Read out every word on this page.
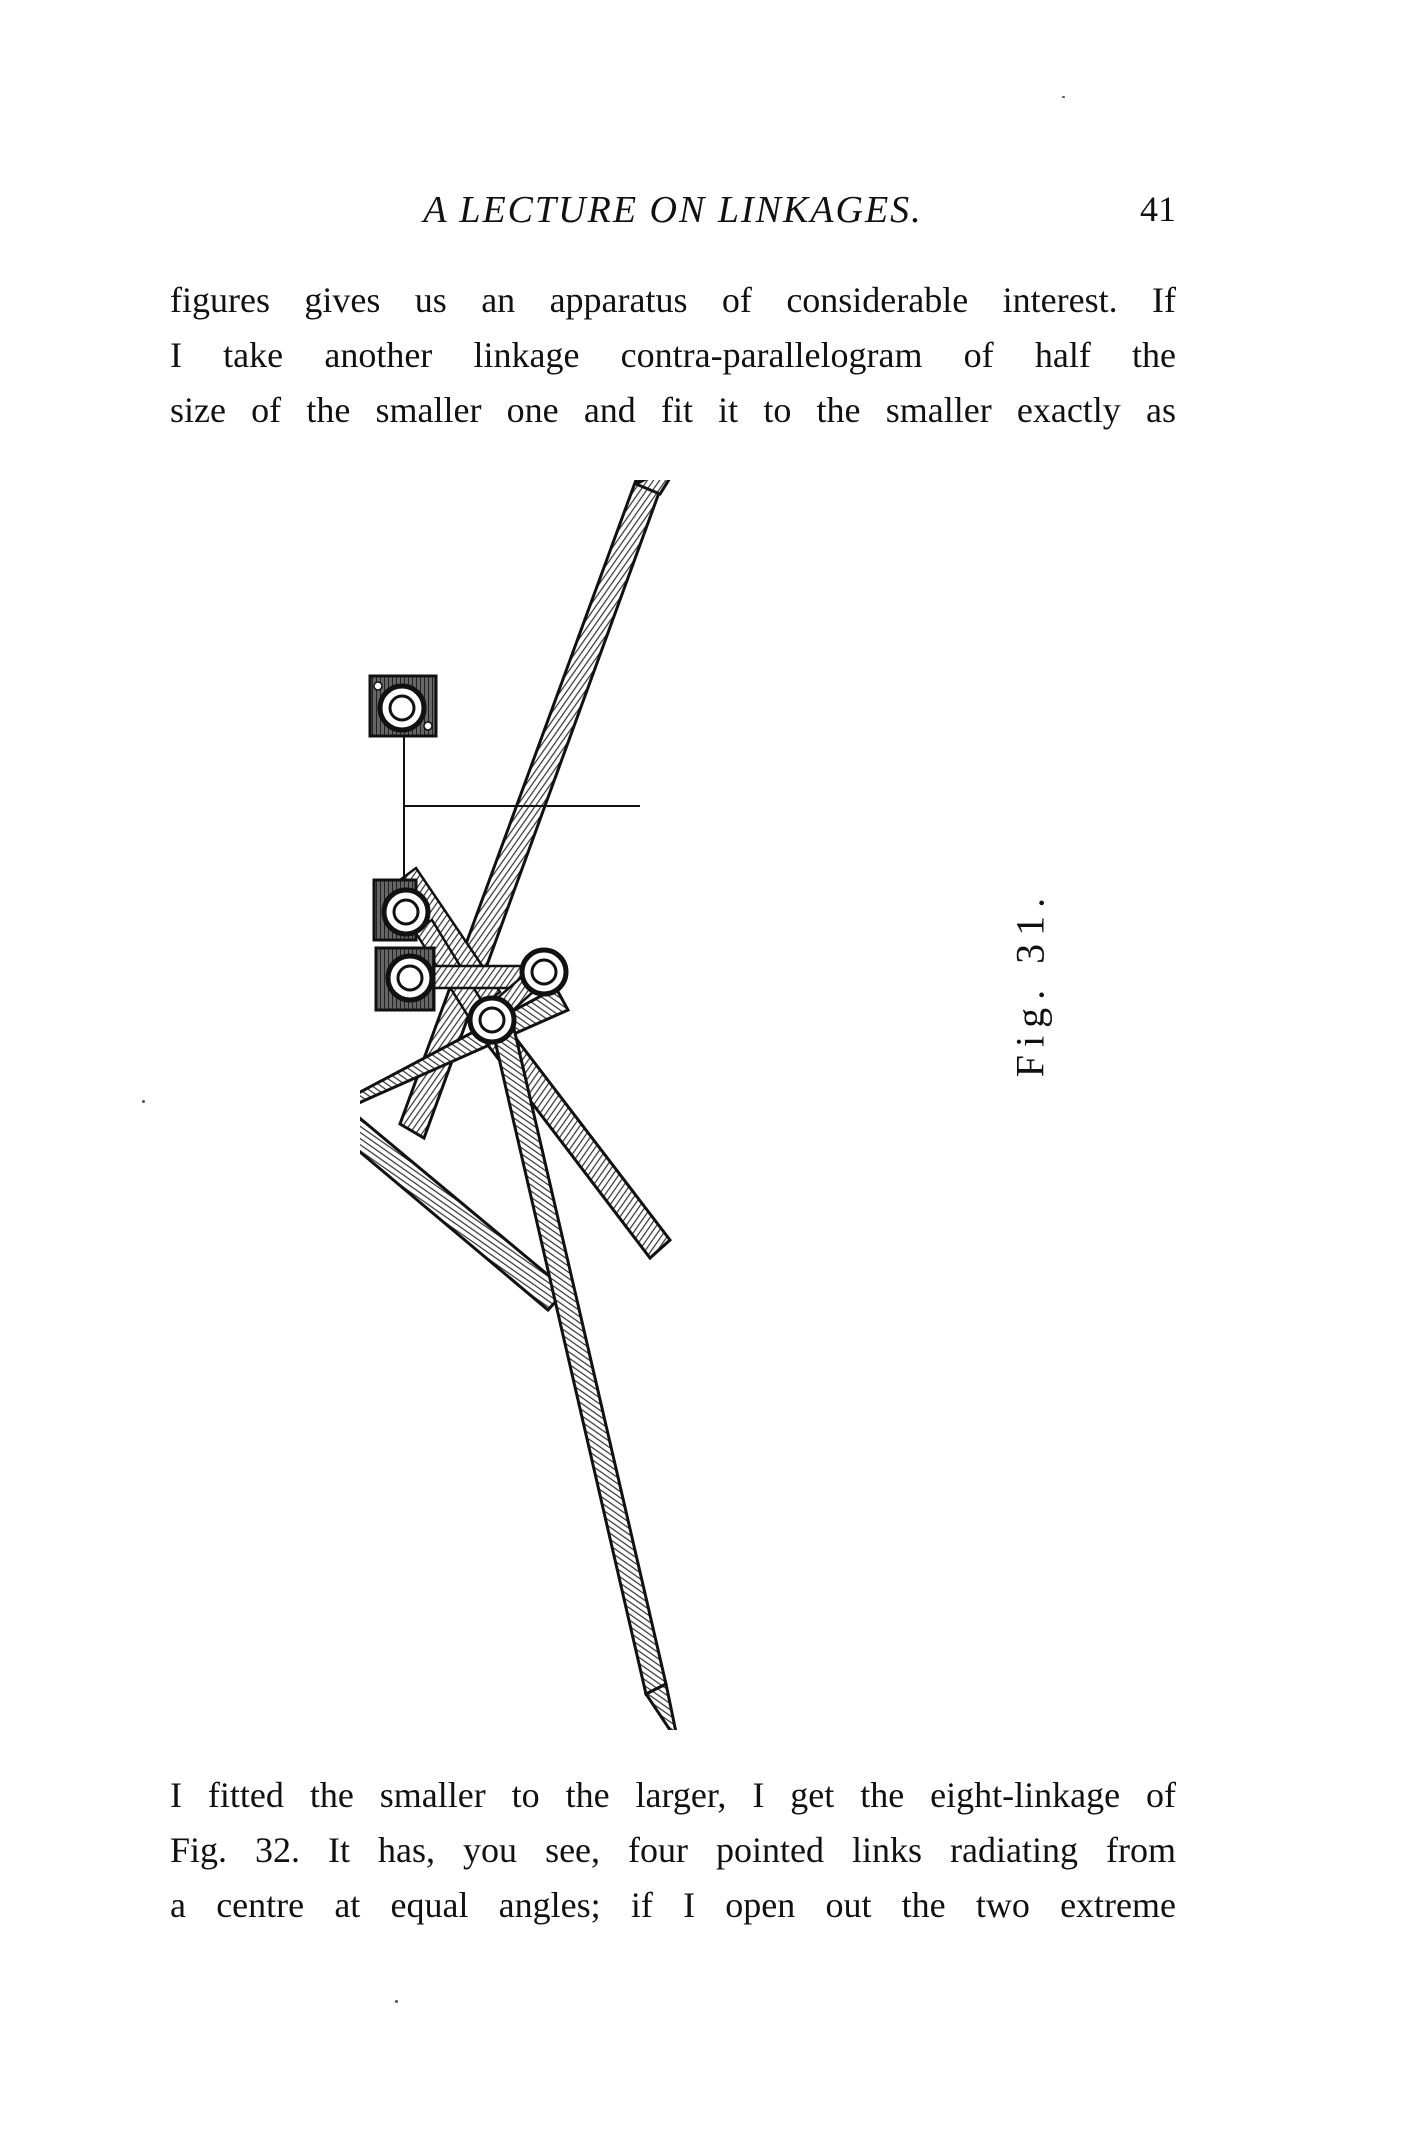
A LECTURE ON LINKAGES.	41
figures gives us an apparatus of considerable interest. If
I take another linkage contra-parallelogram of half the
size of the smaller one and fit it to the smaller exactly as
Fig. 31.
I fitted the smaller to the larger, I get the eight-linkage of
Fig. 32. It has, you see, four pointed links radiating from
a centre at equal angles; if I open out the two extreme
